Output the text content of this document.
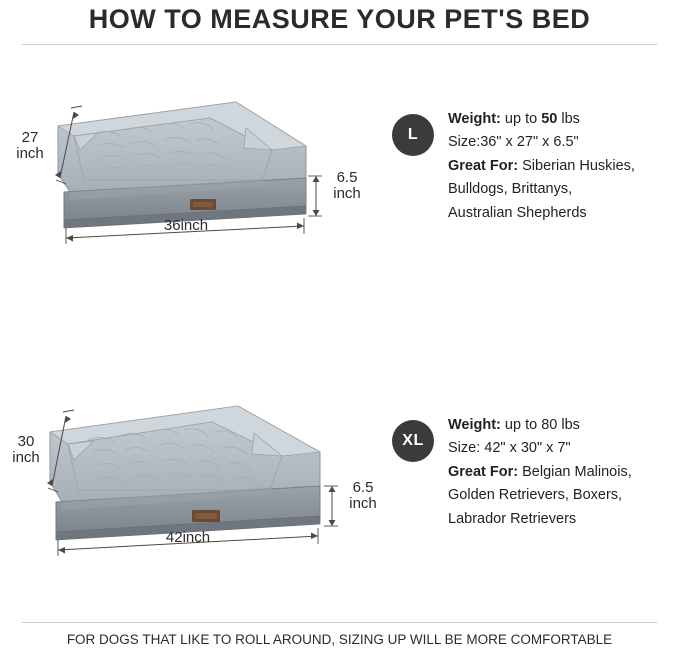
HOW TO MEASURE YOUR PET'S BED
27
inch
6.5
inch
36inch
L
Weight: up to 50 lbs
Size:36" x 27" x 6.5"
Great For: Siberian Huskies,
Bulldogs, Brittanys,
Australian Shepherds
30
inch
6.5
inch
42inch
XL
Weight: up to 80 lbs
Size: 42" x 30" x 7"
Great For: Belgian Malinois,
Golden Retrievers, Boxers,
Labrador Retrievers
FOR DOGS THAT LIKE TO ROLL AROUND, SIZING UP WILL BE MORE COMFORTABLE
